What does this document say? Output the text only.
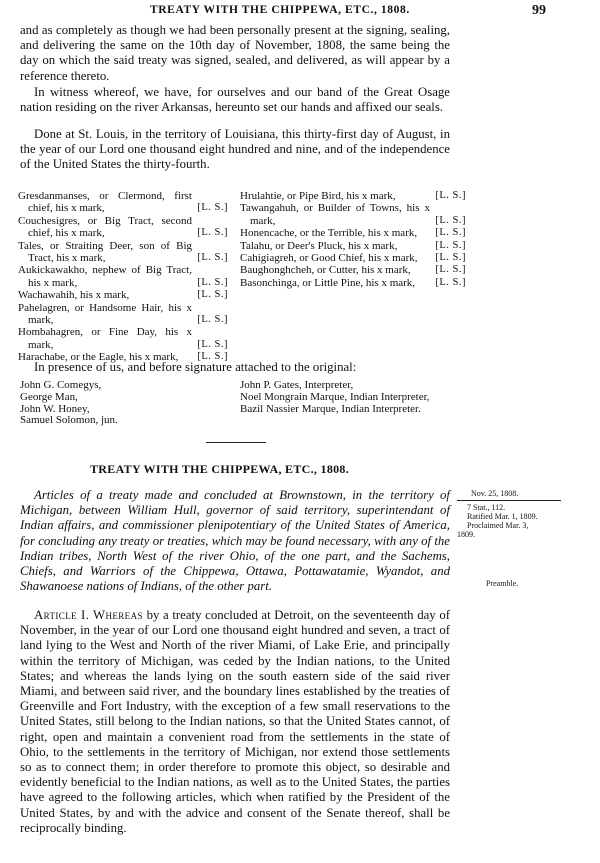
TREATY WITH THE CHIPPEWA, ETC., 1808.	99

and as completely as though we had been personally present at the signing, sealing, and delivering the same on the 10th day of November, 1808, the same being the day on which the said treaty was signed, sealed, and delivered, as will appear by a reference thereto.

In witness whereof, we have, for ourselves and our band of the Great Osage nation residing on the river Arkansas, hereunto set our hands and affixed our seals.

Done at St. Louis, in the territory of Louisiana, this thirty-first day of August, in the year of our Lord one thousand eight hundred and nine, and of the independence of the United States the thirty-fourth.

Gresdanmanses, or Clermond, first chief, his x mark,	[L. S.]
Couchesigres, or Big Tract, second chief, his x mark,	[L. S.]
Tales, or Straiting Deer, son of Big Tract, his x mark,	[L. S.]
Aukickawakho, nephew of Big Tract, his x mark,	[L. S.]
Wachawahih, his x mark,	[L. S.]
Pahelagren, or Handsome Hair, his x mark,	[L. S.]
Hombahagren, or Fine Day, his x mark,	[L. S.]
Harachabe, or the Eagle, his x mark, [L. S.]
Hrulahtie, or Pipe Bird, his x mark,	[L. S.]
Tawangahuh, or Builder of Towns, his x mark,	[L. S.]
Honencache, or the Terrible, his x mark, [L. S.]
Talahu, or Deer's Pluck, his x mark,	[L. S.]
Cahigiagreh, or Good Chief, his x mark, [L. S.]
Baughonghcheh, or Cutter, his x mark, [L. S.]
Basonchinga, or Little Pine, his x mark, [L. S.]
In presence of us, and before signature attached to the original:
John G. Comegys,
George Man,
John W. Honey,
Samuel Solomon, jun.
John P. Gates, Interpreter,
Noel Mongrain Marque, Indian Interpreter,
Bazil Nassier Marque, Indian Interpreter.
TREATY WITH THE CHIPPEWA, ETC., 1808.

Articles of a treaty made and concluded at Brownstown, in the territory of Michigan, between William Hull, governor of said territory, superintendant of Indian affairs, and commissioner plenipotentiary of the United States of America, for concluding any treaty or treaties, which may be found necessary, with any of the Indian tribes, North West of the river Ohio, of the one part, and the Sachems, Chiefs, and Warriors of the Chippewa, Ottawa, Pottawatamie, Wyandot, and Shawanoese nations of Indians, of the other part.

Article I. Whereas by a treaty concluded at Detroit, on the seventeenth day of November, in the year of our Lord one thousand eight hundred and seven, a tract of land lying to the West and North of the river Miami, of Lake Erie, and principally within the territory of Michigan, was ceded by the Indian nations, to the United States; and whereas the lands lying on the south eastern side of the said river Miami, and between said river, and the boundary lines established by the treaties of Greenville and Fort Industry, with the exception of a few small reservations to the United States, still belong to the Indian nations, so that the United States cannot, of right, open and maintain a convenient road from the settlements in the state of Ohio, to the settlements in the territory of Michigan, nor extend those settlements so as to connect them; in order therefore to promote this object, so desirable and evidently beneficial to the Indian nations, as well as to the United States, the parties have agreed to the following articles, which when ratified by the President of the United States, by and with the advice and consent of the Senate thereof, shall be reciprocally binding.

Nov. 25, 1808.
7 Stat., 112.
Ratified Mar. 1, 1809.
Proclaimed Mar. 3,
1809.
Preamble.
